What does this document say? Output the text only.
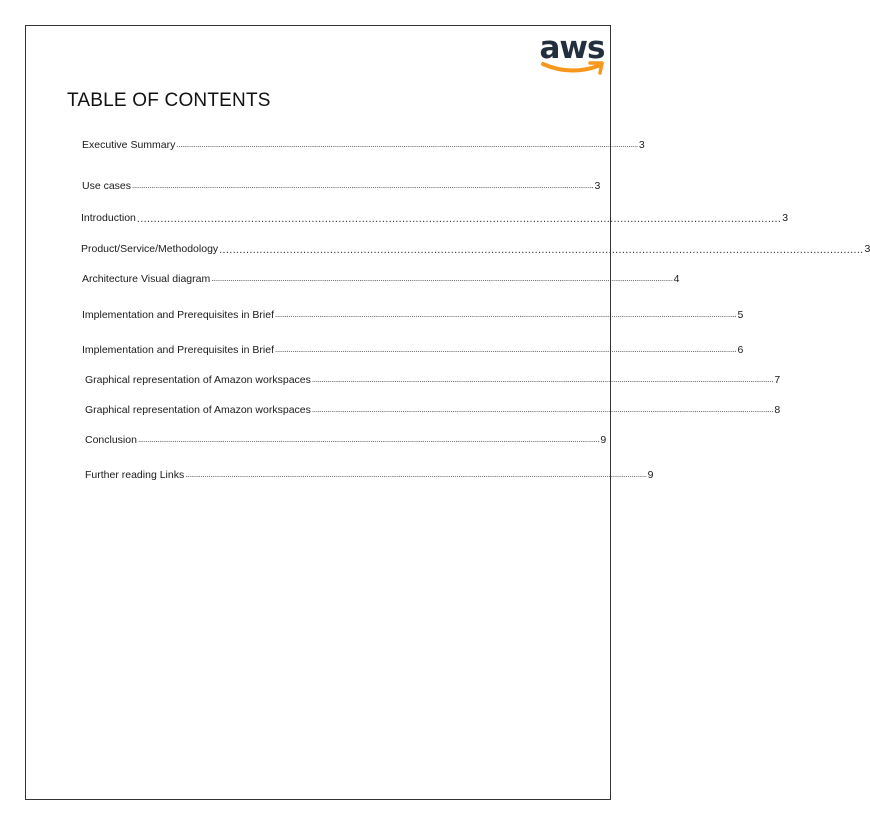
aws
TABLE OF CONTENTS
Executive Summary ................................................................................................................................................................................................................................................ 3
Use cases ................................................................................................................................................................................................................................................ 3
Introduction ................................................................................................................................................................................................ 3
Product/Service/Methodology ................................................................................................................................................................................................ 3
Architecture Visual diagram ................................................................................................................................................................................................................................................ 4
Implementation and Prerequisites in Brief ................................................................................................................................................................................................................................................ 5
Implementation and Prerequisites in Brief ................................................................................................................................................................................................................................................ 6
Graphical representation of Amazon workspaces ................................................................................................................................................................................................................................................ 7
Graphical representation of Amazon workspaces ................................................................................................................................................................................................................................................ 8
Conclusion ................................................................................................................................................................................................................................................ 9
Further reading Links ................................................................................................................................................................................................................................................ 9
